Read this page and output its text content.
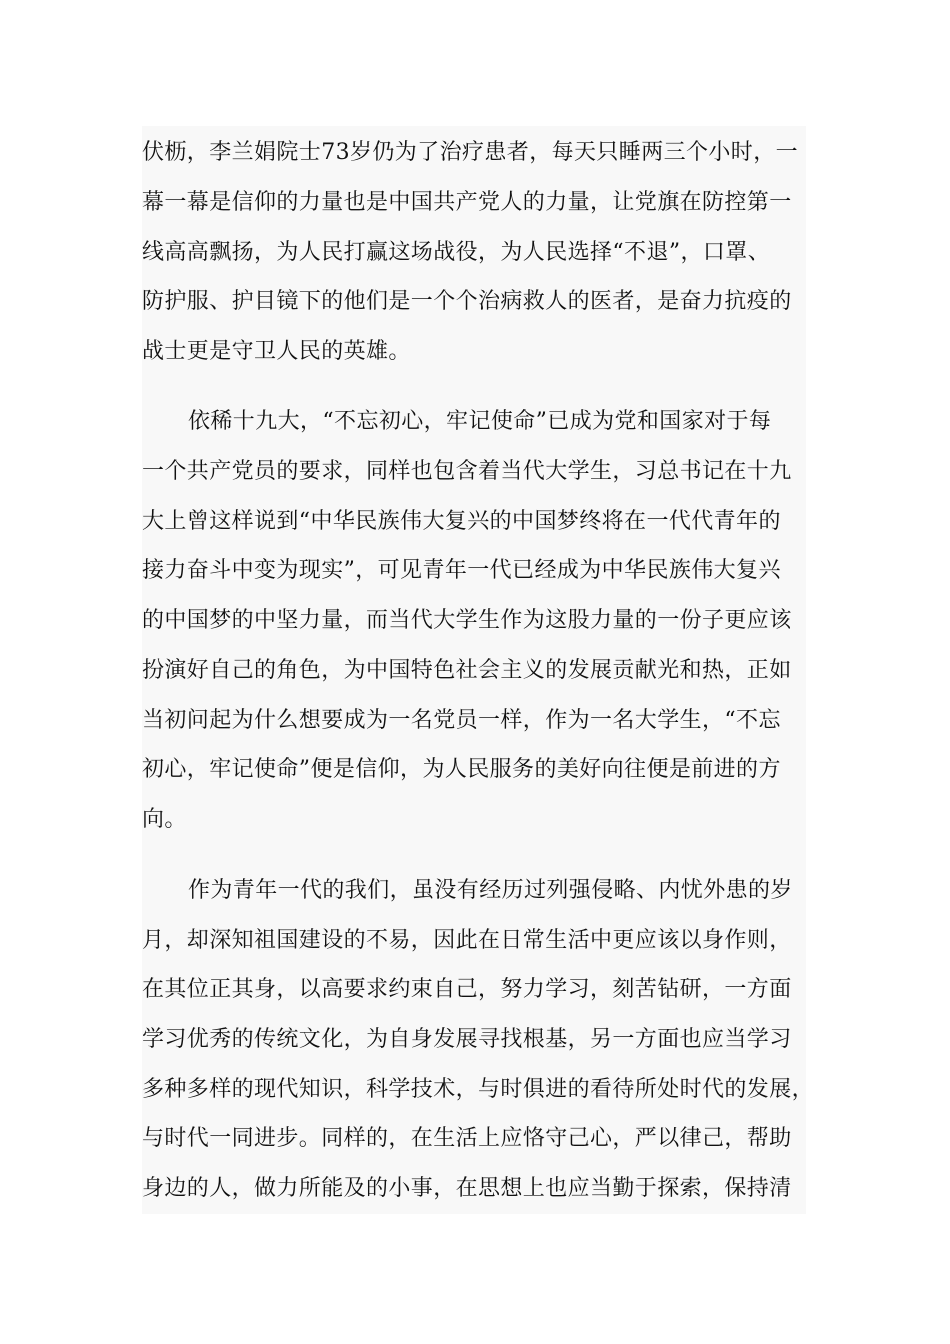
伏枥，李兰娟院士73岁仍为了治疗患者，每天只睡两三个小时，一
幕一幕是信仰的力量也是中国共产党人的力量，让党旗在防控第一
线高高飘扬，为人民打赢这场战役，为人民选择“不退”，口罩、
防护服、护目镜下的他们是一个个治病救人的医者，是奋力抗疫的
战士更是守卫人民的英雄。
依稀十九大，“不忘初心，牢记使命”已成为党和国家对于每
一个共产党员的要求，同样也包含着当代大学生，习总书记在十九
大上曾这样说到“中华民族伟大复兴的中国梦终将在一代代青年的
接力奋斗中变为现实”，可见青年一代已经成为中华民族伟大复兴
的中国梦的中坚力量，而当代大学生作为这股力量的一份子更应该
扮演好自己的角色，为中国特色社会主义的发展贡献光和热，正如
当初问起为什么想要成为一名党员一样，作为一名大学生，“不忘
初心，牢记使命”便是信仰，为人民服务的美好向往便是前进的方
向。
作为青年一代的我们，虽没有经历过列强侵略、内忧外患的岁
月，却深知祖国建设的不易，因此在日常生活中更应该以身作则，
在其位正其身，以高要求约束自己，努力学习，刻苦钻研，一方面
学习优秀的传统文化，为自身发展寻找根基，另一方面也应当学习
多种多样的现代知识，科学技术，与时俱进的看待所处时代的发展，
与时代一同进步。同样的，在生活上应恪守己心，严以律己，帮助
身边的人，做力所能及的小事，在思想上也应当勤于探索，保持清
